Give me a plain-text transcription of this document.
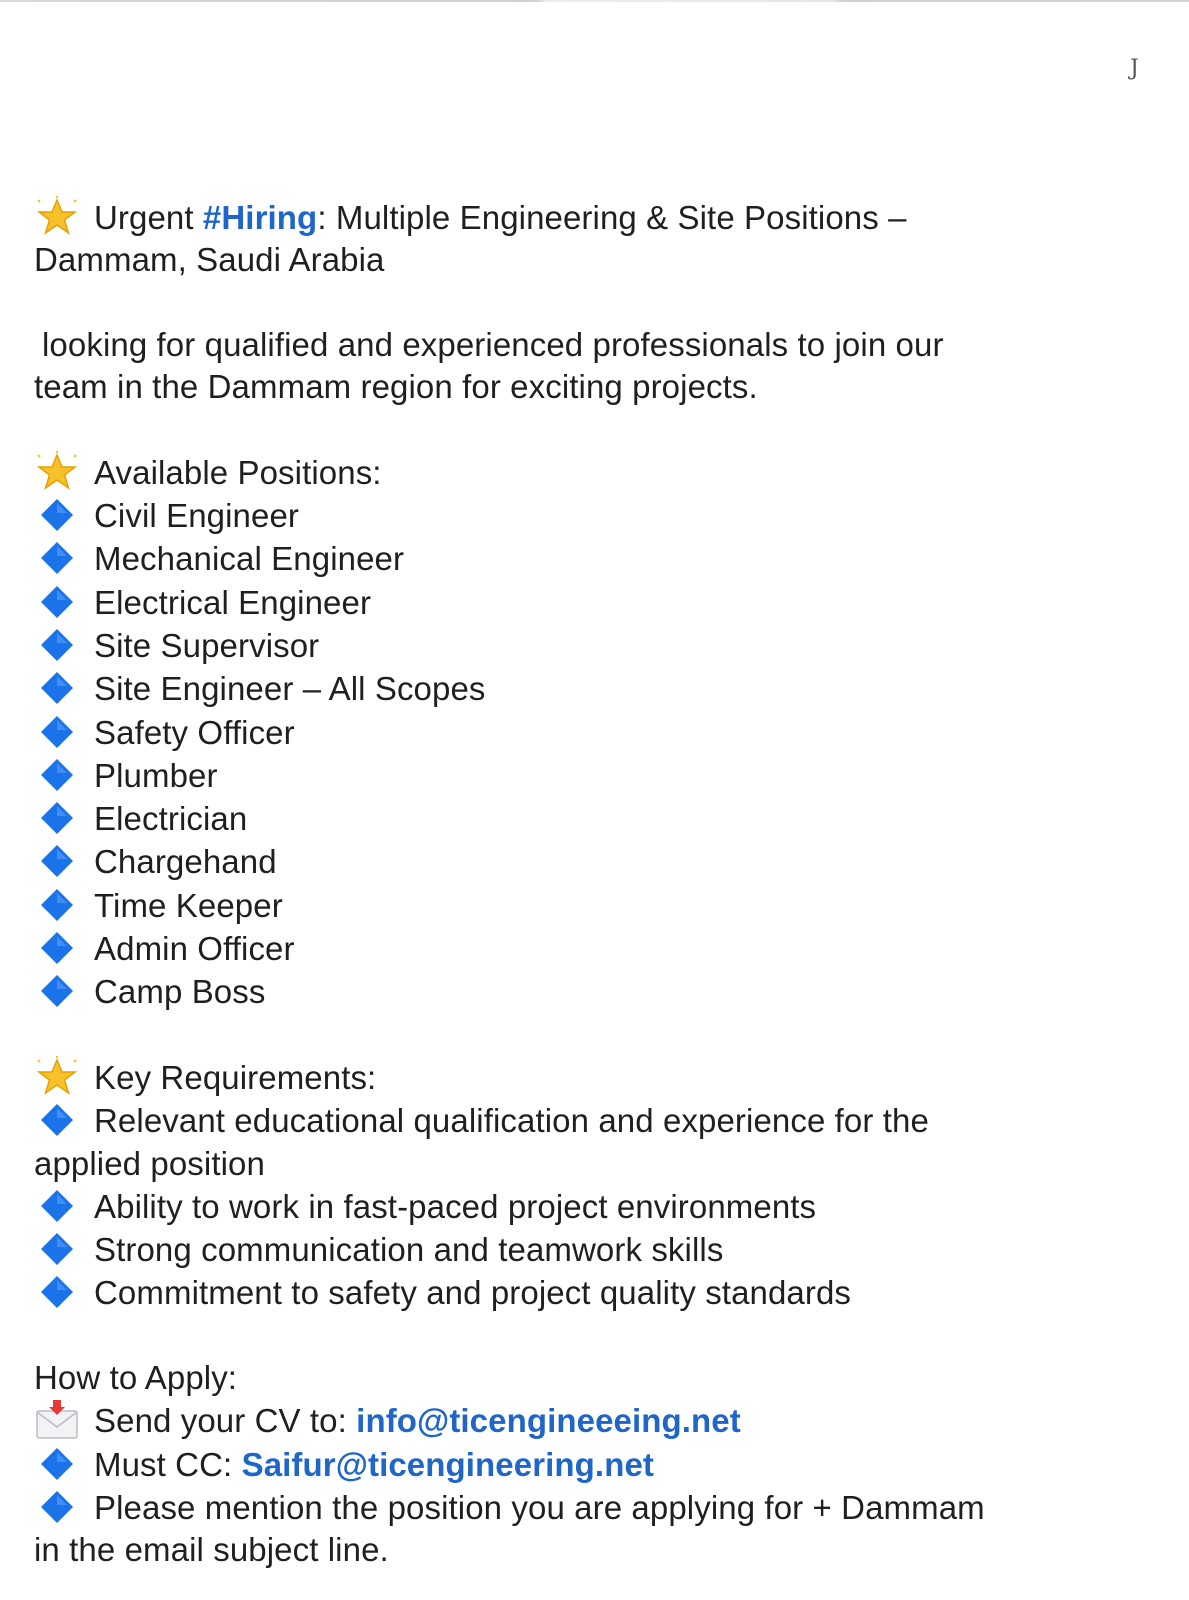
J
Urgent #Hiring: Multiple Engineering & Site Positions –
Dammam, Saudi Arabia
looking for qualified and experienced professionals to join our
team in the Dammam region for exciting projects.
Available Positions:
Civil Engineer
Mechanical Engineer
Electrical Engineer
Site Supervisor
Site Engineer – All Scopes
Safety Officer
Plumber
Electrician
Chargehand
Time Keeper
Admin Officer
Camp Boss
Key Requirements:
Relevant educational qualification and experience for the
applied position
Ability to work in fast-paced project environments
Strong communication and teamwork skills
Commitment to safety and project quality standards
How to Apply:
Send your CV to: info@ticengineeeing.net
Must CC: Saifur@ticengineering.net
Please mention the position you are applying for + Dammam
in the email subject line.
